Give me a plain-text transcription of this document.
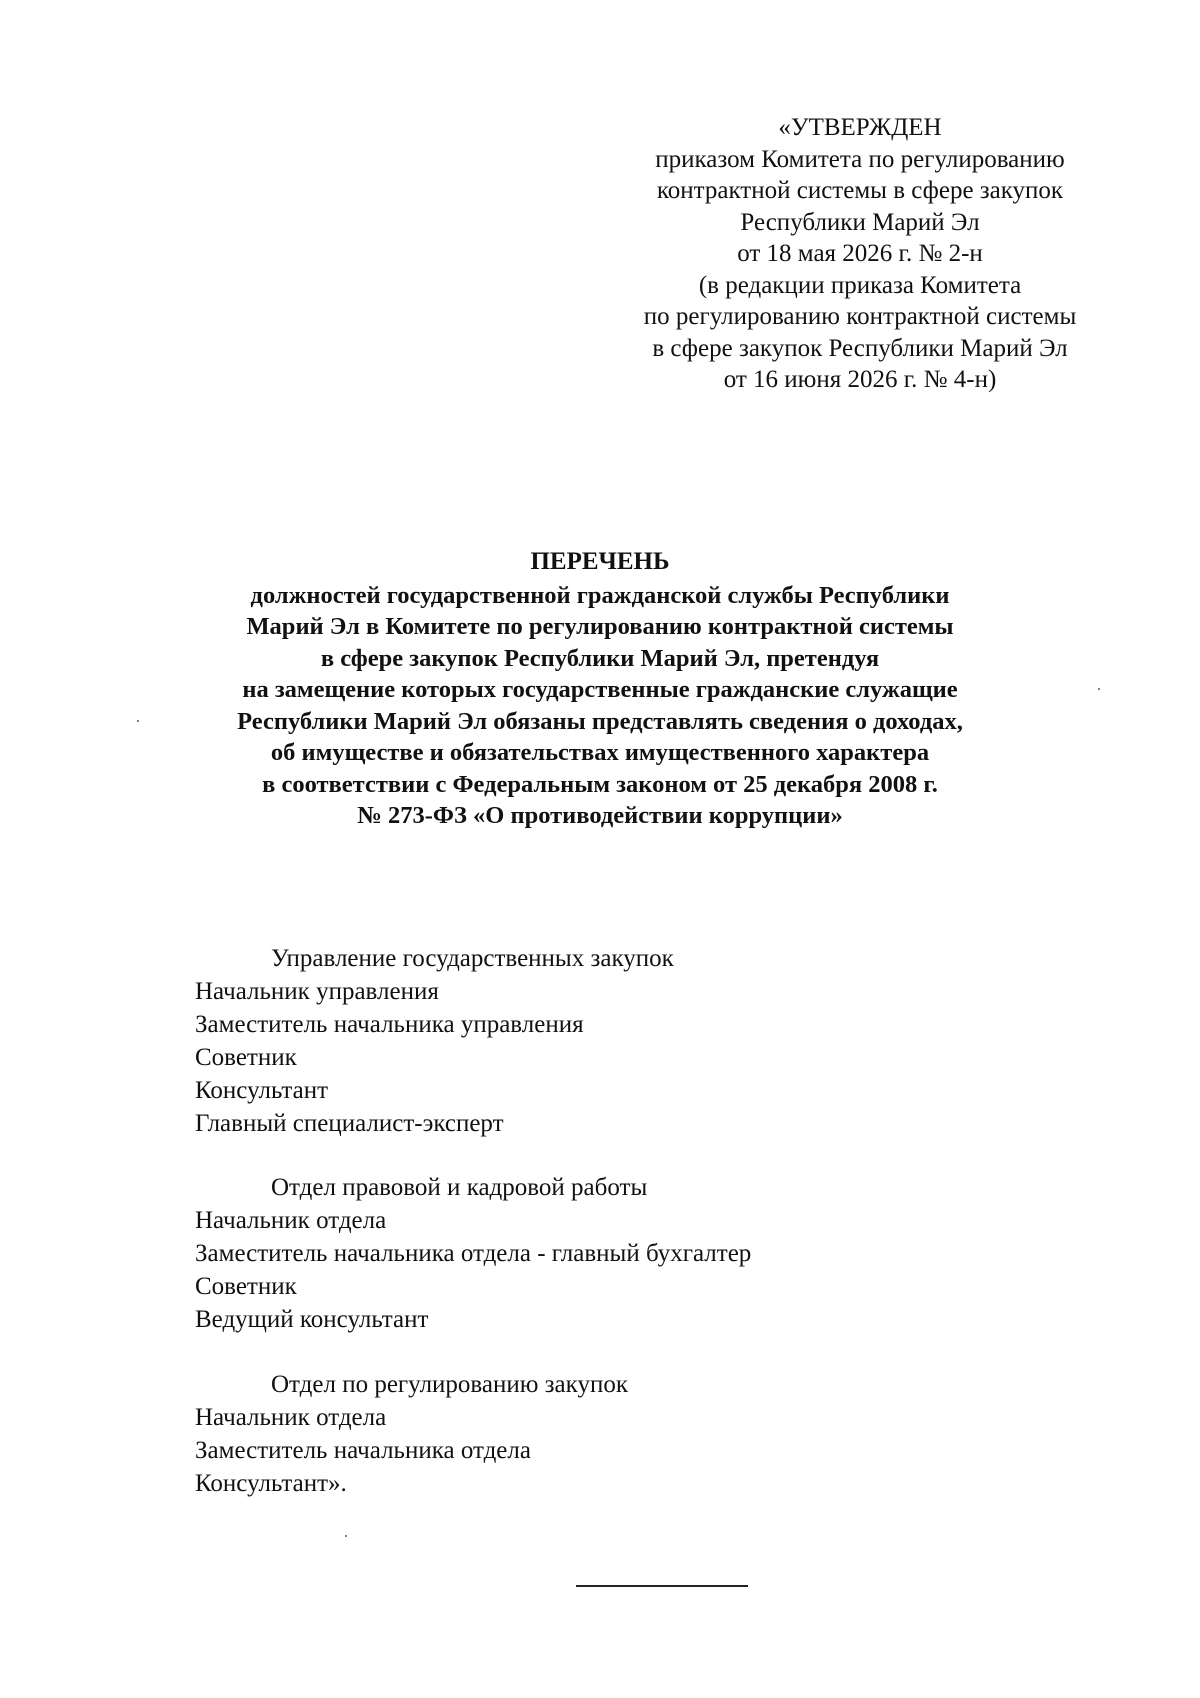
«УТВЕРЖДЕН
приказом Комитета по регулированию
контрактной системы в сфере закупок
Республики Марий Эл
от 18 мая 2026 г. № 2-н
(в редакции приказа Комитета
по регулированию контрактной системы
в сфере закупок Республики Марий Эл
от 16 июня 2026 г. № 4-н)
ПЕРЕЧЕНЬ
должностей государственной гражданской службы Республики
Марий Эл в Комитете по регулированию контрактной системы
в сфере закупок Республики Марий Эл, претендуя
на замещение которых государственные гражданские служащие
Республики Марий Эл обязаны представлять сведения о доходах,
об имуществе и обязательствах имущественного характера
в соответствии с Федеральным законом от 25 декабря 2008 г.
№ 273-ФЗ «О противодействии коррупции»
Управление государственных закупок
Начальник управления
Заместитель начальника управления
Советник
Консультант
Главный специалист-эксперт
Отдел правовой и кадровой работы
Начальник отдела
Заместитель начальника отдела - главный бухгалтер
Советник
Ведущий консультант
Отдел по регулированию закупок
Начальник отдела
Заместитель начальника отдела
Консультант».
